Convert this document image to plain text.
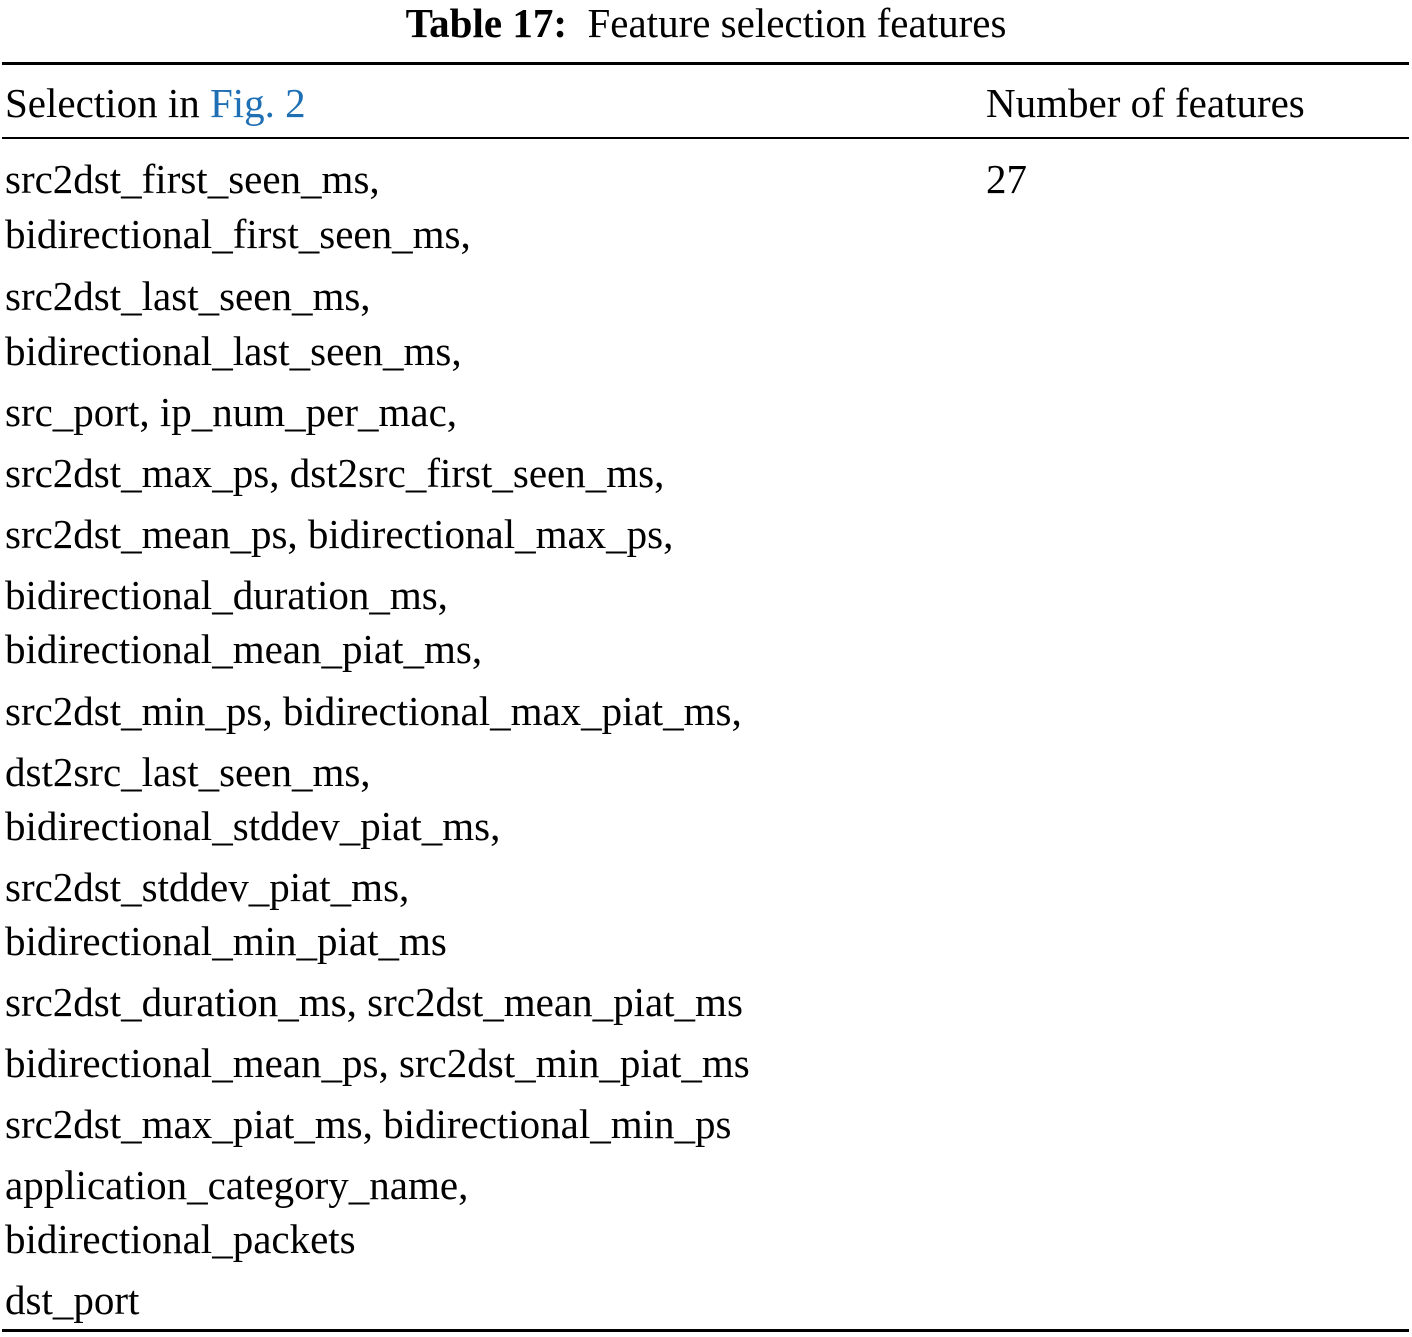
Table 17: Feature selection features
Selection in Fig. 2	Number of features
27
src2dst_first_seen_ms,
bidirectional_first_seen_ms,
src2dst_last_seen_ms,
bidirectional_last_seen_ms,
src_port, ip_num_per_mac,
src2dst_max_ps, dst2src_first_seen_ms,
src2dst_mean_ps, bidirectional_max_ps,
bidirectional_duration_ms,
bidirectional_mean_piat_ms,
src2dst_min_ps, bidirectional_max_piat_ms,
dst2src_last_seen_ms,
bidirectional_stddev_piat_ms,
src2dst_stddev_piat_ms,
bidirectional_min_piat_ms
src2dst_duration_ms, src2dst_mean_piat_ms
bidirectional_mean_ps, src2dst_min_piat_ms
src2dst_max_piat_ms, bidirectional_min_ps
application_category_name,
bidirectional_packets
dst_port
